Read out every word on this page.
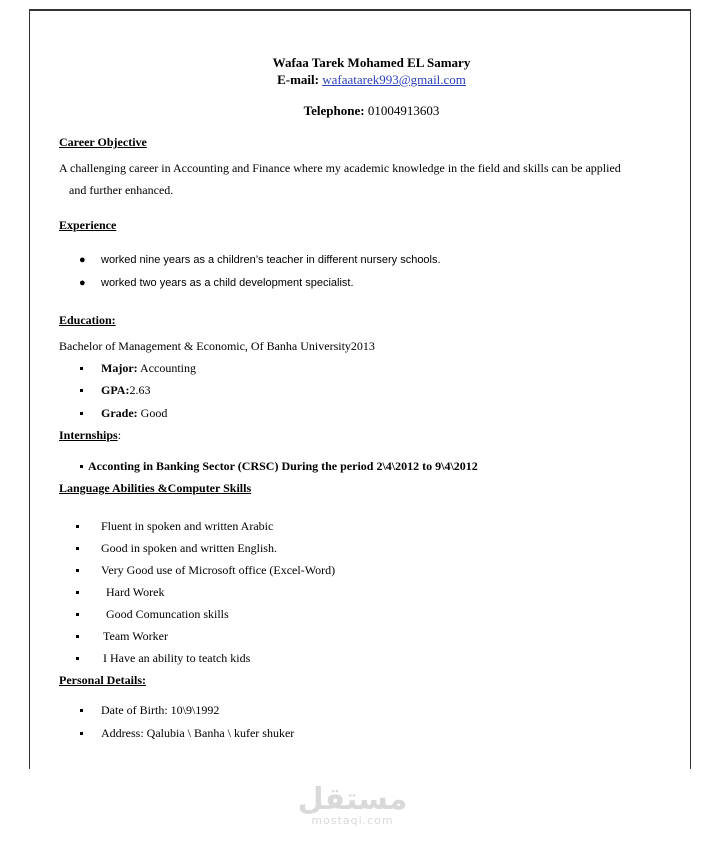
Wafaa Tarek Mohamed EL Samary
E-mail: wafaatarek993@gmail.com
Telephone: 01004913603
Career Objective
A challenging career in Accounting and Finance where my academic knowledge in the field and skills can be applied
and further enhanced.
Experience
● worked nine years as a children’s teacher in different nursery schools.
● worked two years as a child development specialist.
Education:
Bachelor of Management & Economic, Of Banha University2013
Major: Accounting
GPA:2.63
Grade: Good
Internships:
Acconting in Banking Sector (CRSC) During the period 2\4\2012 to 9\4\2012
Language Abilities &Computer Skills
Fluent in spoken and written Arabic
Good in spoken and written English.
Very Good use of Microsoft office (Excel-Word)
Hard Worek
Good Comuncation skills
Team Worker
I Have an ability to teatch kids
Personal Details:
Date of Birth: 10\9\1992
Address: Qalubia \ Banha \ kufer shuker
مستقل
mostaql.com
